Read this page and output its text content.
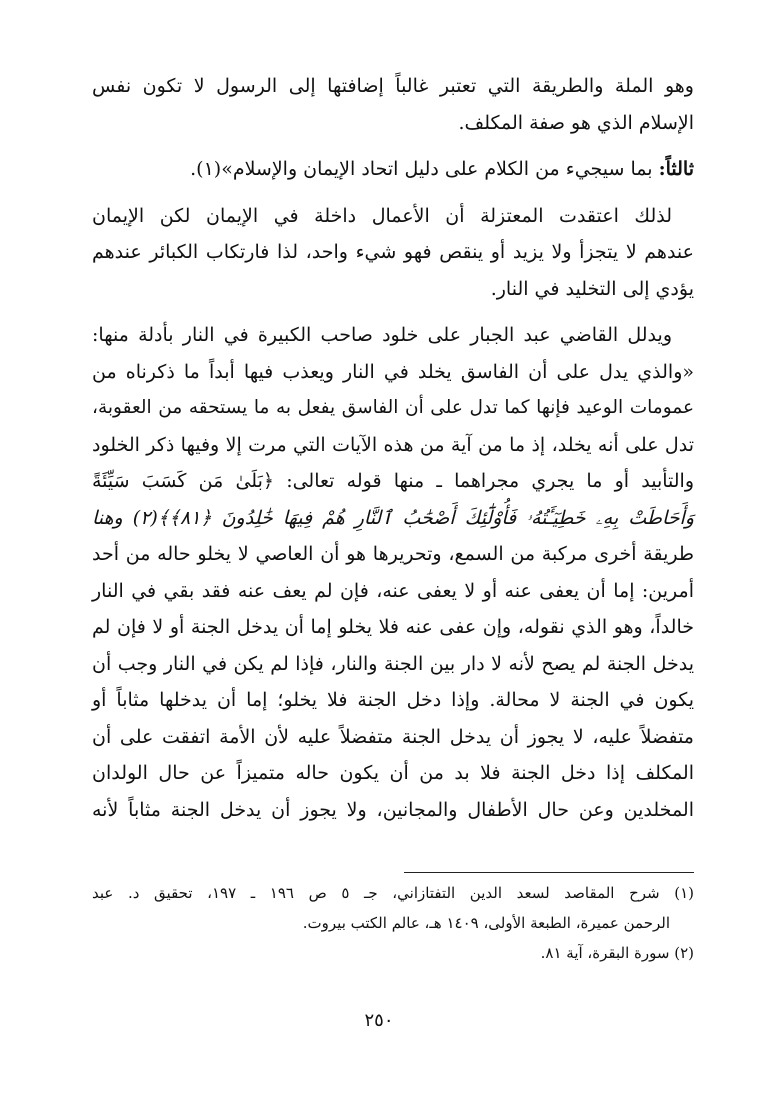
وهو الملة والطريقة التي تعتبر غالباً إضافتها إلى الرسول لا تكون نفس
الإسلام الذي هو صفة المكلف.

ثالثاً: بما سيجيء من الكلام على دليل اتحاد الإيمان والإسلام»(١).

لذلك اعتقدت المعتزلة أن الأعمال داخلة في الإيمان لكن الإيمان
عندهم لا يتجزأ ولا يزيد أو ينقص فهو شيء واحد، لذا فارتكاب الكبائر عندهم
يؤدي إلى التخليد في النار.

ويدلل القاضي عبد الجبار على خلود صاحب الكبيرة في النار بأدلة منها:
«والذي يدل على أن الفاسق يخلد في النار ويعذب فيها أبداً ما ذكرناه من
عمومات الوعيد فإنها كما تدل على أن الفاسق يفعل به ما يستحقه من العقوبة،
تدل على أنه يخلد، إذ ما من آية من هذه الآيات التي مرت إلا وفيها ذكر الخلود
والتأبيد أو ما يجري مجراهما ـ منها قوله تعالى: ﴿بَلَىٰ مَن كَسَبَ سَيِّئَةً
وَأَحَاطَتْ بِهِۦ خَطِيٓـَٔتُهُۥ فَأُوْلَٰٓئِكَ أَصْحَٰبُ ٱلنَّارِ هُمْ فِيهَا خَٰلِدُونَ ﴿٨١﴾﴾(٢) وهنا
طريقة أخرى مركبة من السمع، وتحريرها هو أن العاصي لا يخلو حاله من أحد
أمرين: إما أن يعفى عنه أو لا يعفى عنه، فإن لم يعف عنه فقد بقي في النار
خالداً، وهو الذي نقوله، وإن عفى عنه فلا يخلو إما أن يدخل الجنة أو لا فإن لم
يدخل الجنة لم يصح لأنه لا دار بين الجنة والنار، فإذا لم يكن في النار وجب أن
يكون في الجنة لا محالة. وإذا دخل الجنة فلا يخلو؛ إما أن يدخلها مثاباً أو
متفضلاً عليه، لا يجوز أن يدخل الجنة متفضلاً عليه لأن الأمة اتفقت على أن
المكلف إذا دخل الجنة فلا بد من أن يكون حاله متميزاً عن حال الولدان
المخلدين وعن حال الأطفال والمجانين، ولا يجوز أن يدخل الجنة مثاباً لأنه

(١) شرح المقاصد لسعد الدين التفتازاني، جـ ٥ ص ١٩٦ ـ ١٩٧، تحقيق د. عبد
الرحمن عميرة، الطبعة الأولى، ١٤٠٩ هـ، عالم الكتب بيروت.
(٢) سورة البقرة، آية ٨١.
٢٥٠
